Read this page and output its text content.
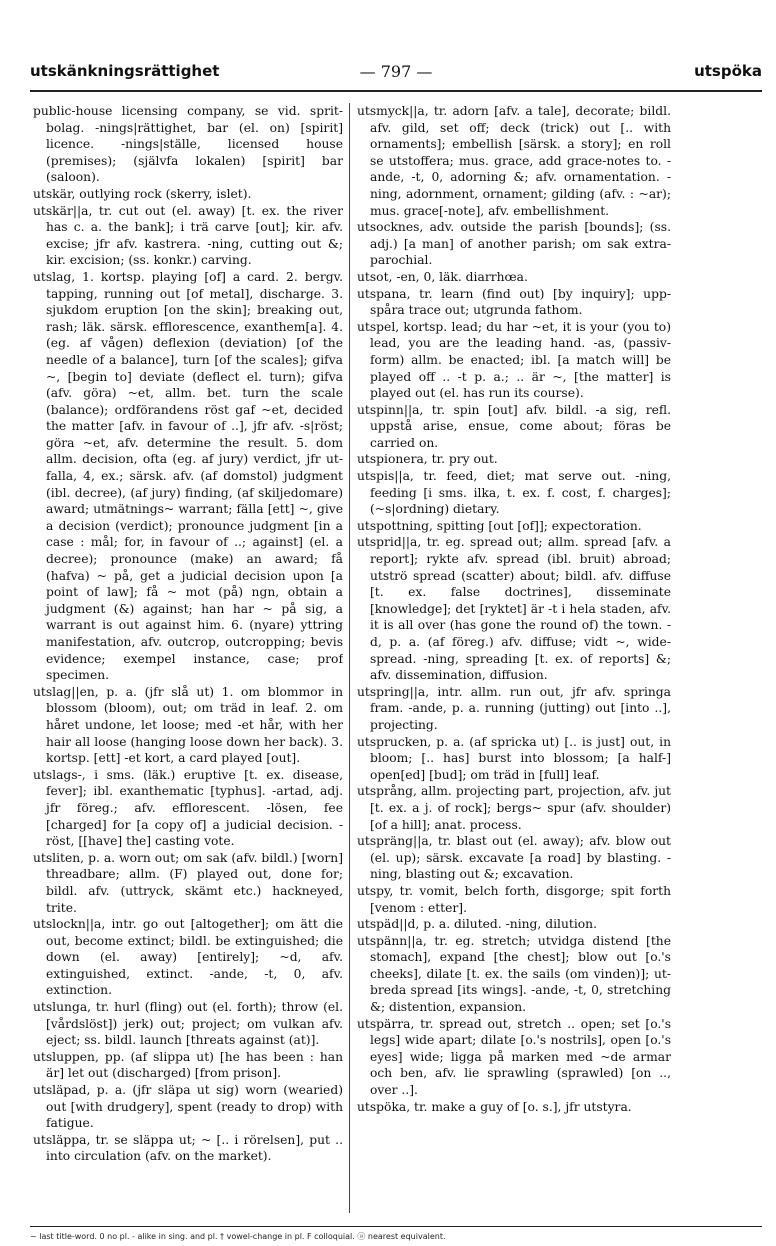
utskänkningsrättighet	— 797 —	utspöka

public-house licensing company, se vid. sprit-bolag. -nings|rättighet, bar (el. on) [spirit] licence. -nings|ställe, licensed house (premises); (självfa lokalen) [spirit] bar (saloon).

utskär, outlying rock (skerry, islet).

utskär||a, tr. cut out (el. away) [t. ex. the river has c. a. the bank]; i trä carve [out]; kir. afv. excise; jfr afv. kastrera. -ning, cutting out &; kir. excision; (ss. konkr.) carving.

utslag, 1. kortsp. playing [of] a card. 2. bergv. tapping, running out [of metal], discharge. 3. sjukdom eruption [on the skin]; breaking out, rash; läk. särsk. efflorescence, exanthem[a]. 4. (eg. af vågen) deflexion (deviation) [of the needle of a balance], turn [of the scales]; gifva ~, [begin to] deviate (deflect el. turn); gifva (afv. göra) ~et, allm. bet. turn the scale (balance); ordförandens röst gaf ~et, decided the matter [afv. in favour of ..], jfr afv. -s|röst; göra ~et, afv. determine the result. 5. dom allm. decision, ofta (eg. af jury) verdict, jfr ut-falla, 4, ex.; särsk. afv. (af domstol) judgment (ibl. decree), (af jury) finding, (af skiljedomare) award; utmätnings~ warrant; fälla [ett] ~, give a decision (verdict); pronounce judgment [in a case : mål; for, in favour of ..; against] (el. a decree); pronounce (make) an award; få (hafva) ~ på, get a judicial decision upon [a point of law]; få ~ mot (på) ngn, obtain a judgment (&) against; han har ~ på sig, a warrant is out against him. 6. (nyare) yttring manifestation, afv. outcrop, outcropping; bevis evidence; exempel instance, case; prof specimen.

utslag||en, p. a. (jfr slå ut) 1. om blommor in blossom (bloom), out; om träd in leaf. 2. om håret undone, let loose; med -et hår, with her hair all loose (hanging loose down her back). 3. kortsp. [ett] -et kort, a card played [out].

utslags-, i sms. (läk.) eruptive [t. ex. disease, fever]; ibl. exanthematic [typhus]. -artad, adj. jfr föreg.; afv. efflorescent. -lösen, fee [charged] for [a copy of] a judicial decision. -röst, [[have] the] casting vote.

utsliten, p. a. worn out; om sak (afv. bildl.) [worn] threadbare; allm. (F) played out, done for; bildl. afv. (uttryck, skämt etc.) hackneyed, trite.

utslockn||a, intr. go out [altogether]; om ätt die out, become extinct; bildl. be extinguished; die down (el. away) [entirely]; ~d, afv. extinguished, extinct. -ande, -t, 0, afv. extinction.

utslunga, tr. hurl (fling) out (el. forth); throw (el. [vårdslöst]) jerk) out; project; om vulkan afv. eject; ss. bildl. launch [threats against (at)].

utsluppen, pp. (af slippa ut) [he has been : han är] let out (discharged) [from prison].

utsläpad, p. a. (jfr släpa ut sig) worn (wearied) out [with drudgery], spent (ready to drop) with fatigue.

utsläppa, tr. se släppa ut; ~ [.. i rörelsen], put .. into circulation (afv. on the market).

utsmyck||a, tr. adorn [afv. a tale], decorate; bildl. afv. gild, set off; deck (trick) out [.. with ornaments]; embellish [särsk. a story]; en roll se utstoffera; mus. grace, add grace-notes to. -ande, -t, 0, adorning &; afv. ornamentation. -ning, adornment, ornament; gilding (afv. : ~ar); mus. grace[-note], afv. embellishment.

utsocknes, adv. outside the parish [bounds]; (ss. adj.) [a man] of another parish; om sak extra-parochial.

utsot, -en, 0, läk. diarrhœa.

utspana, tr. learn (find out) [by inquiry]; upp-spåra trace out; utgrunda fathom.

utspel, kortsp. lead; du har ~et, it is your (you to) lead, you are the leading hand. -as, (passiv-form) allm. be enacted; ibl. [a match will] be played off .. -t p. a.; .. är ~, [the matter] is played out (el. has run its course).

utspinn||a, tr. spin [out] afv. bildl. -a sig, refl. uppstå arise, ensue, come about; föras be carried on.

utspionera, tr. pry out.

utspis||a, tr. feed, diet; mat serve out. -ning, feeding [i sms. ilka, t. ex. f. cost, f. charges]; (~s|ordning) dietary.

utspottning, spitting [out [of]]; expectoration.

utsprid||a, tr. eg. spread out; allm. spread [afv. a report]; rykte afv. spread (ibl. bruit) abroad; utströ spread (scatter) about; bildl. afv. diffuse [t. ex. false doctrines], disseminate [knowledge]; det [ryktet] är -t i hela staden, afv. it is all over (has gone the round of) the town. -d, p. a. (af föreg.) afv. diffuse; vidt ~, wide-spread. -ning, spreading [t. ex. of reports] &; afv. dissemination, diffusion.

utspring||a, intr. allm. run out, jfr afv. springa fram. -ande, p. a. running (jutting) out [into ..], projecting.

utsprucken, p. a. (af spricka ut) [.. is just] out, in bloom; [.. has] burst into blossom; [a half-] open[ed] [bud]; om träd in [full] leaf.

utsprång, allm. projecting part, projection, afv. jut [t. ex. a j. of rock]; bergs~ spur (afv. shoulder) [of a hill]; anat. process.

utspräng||a, tr. blast out (el. away); afv. blow out (el. up); särsk. excavate [a road] by blasting. -ning, blasting out &; excavation.

utspy, tr. vomit, belch forth, disgorge; spit forth [venom : etter].

utspäd||d, p. a. diluted. -ning, dilution.

utspänn||a, tr. eg. stretch; utvidga distend [the stomach], expand [the chest]; blow out [o.'s cheeks], dilate [t. ex. the sails (om vinden)]; ut-breda spread [its wings]. -ande, -t, 0, stretching &; distention, expansion.

utspärra, tr. spread out, stretch .. open; set [o.'s legs] wide apart; dilate [o.'s nostrils], open [o.'s eyes] wide; ligga på marken med ~de armar och ben, afv. lie sprawling (sprawled) [on .., over ..].

utspöka, tr. make a guy of [o. s.], jfr utstyra.

~ last title-word. 0 no pl. - alike in sing. and pl. † vowel-change in pl. F colloquial. ⓐ nearest equivalent.
